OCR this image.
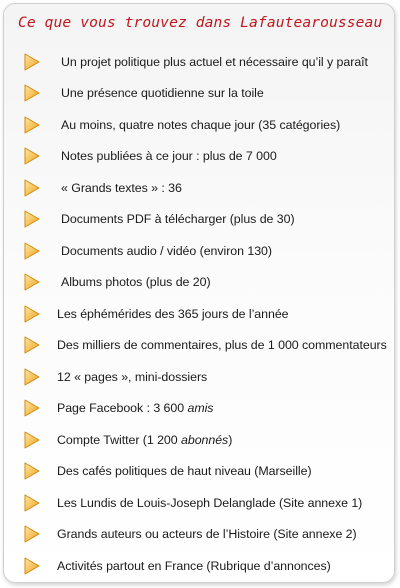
Ce que vous trouvez dans Lafautearousseau
Un projet politique plus actuel et nécessaire qu’il y paraît
Une présence quotidienne sur la toile
Au moins, quatre notes chaque jour (35 catégories)
Notes publiées à ce jour : plus de 7 000
« Grands textes » : 36
Documents PDF à télécharger (plus de 30)
Documents audio / vidéo (environ 130)
Albums photos (plus de 20)
Les éphémérides des 365 jours de l’année
Des milliers de commentaires, plus de 1 000 commentateurs
12 « pages », mini-dossiers
Page Facebook : 3 600 amis
Compte Twitter (1 200 abonnés)
Des cafés politiques de haut niveau (Marseille)
Les Lundis de Louis-Joseph Delanglade (Site annexe 1)
Grands auteurs ou acteurs de l’Histoire (Site annexe 2)
Activités partout en France (Rubrique d’annonces)
